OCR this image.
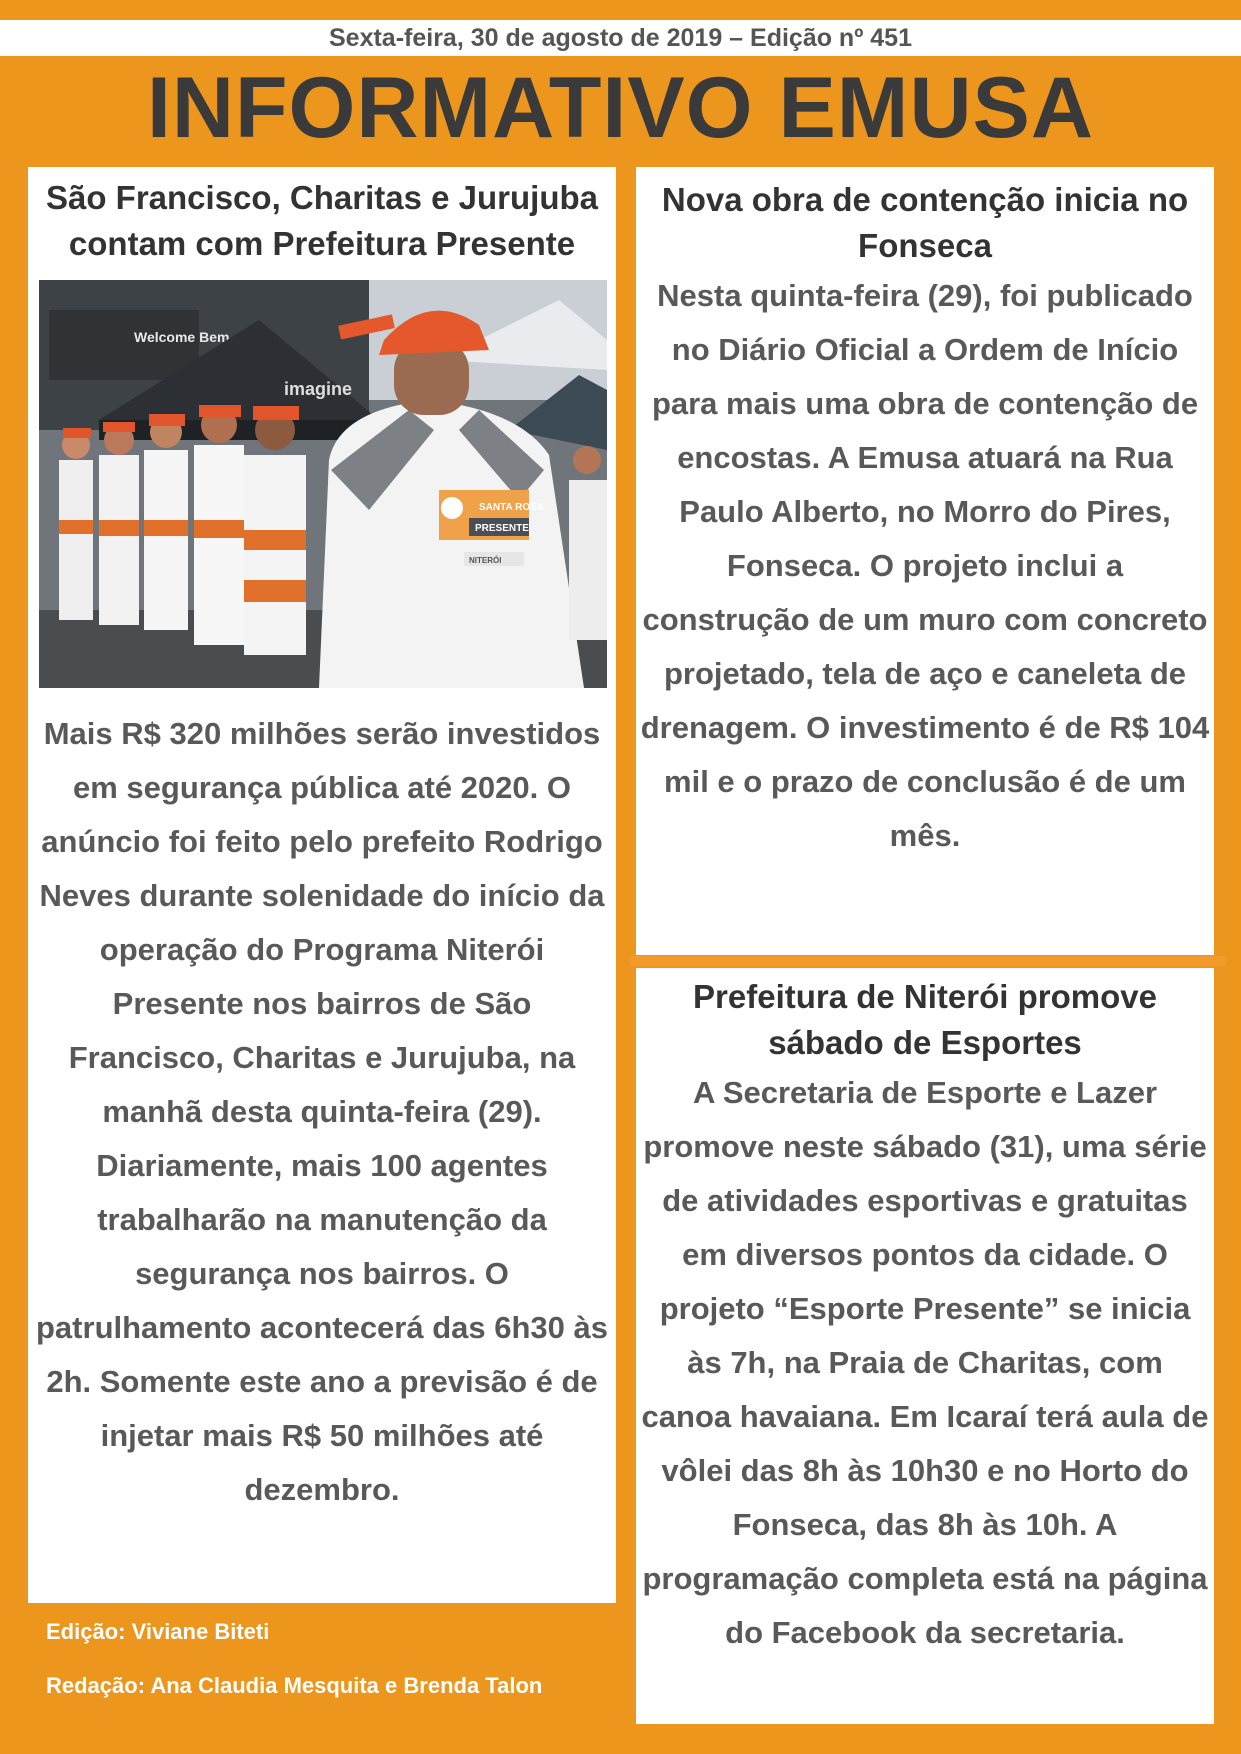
Sexta-feira, 30 de agosto de 2019 – Edição nº 451
INFORMATIVO EMUSA
São Francisco, Charitas e Jurujuba contam com Prefeitura Presente
Welcome Bem
imagine
SANTA ROSA
PRESENTE
NITERÓI

Mais R$ 320 milhões serão investidos em segurança pública até 2020. O anúncio foi feito pelo prefeito Rodrigo Neves durante solenidade do início da operação do Programa Niterói Presente nos bairros de São Francisco, Charitas e Jurujuba, na manhã desta quinta-feira (29). Diariamente, mais 100 agentes trabalharão na manutenção da segurança nos bairros. O patrulhamento acontecerá das 6h30 às 2h. Somente este ano a previsão é de injetar mais R$ 50 milhões até dezembro.

Nova obra de contenção inicia no Fonseca

Nesta quinta-feira (29), foi publicado no Diário Oficial a Ordem de Início para mais uma obra de contenção de encostas. A Emusa atuará na Rua Paulo Alberto, no Morro do Pires, Fonseca. O projeto inclui a construção de um muro com concreto projetado, tela de aço e caneleta de drenagem. O investimento é de R$ 104 mil e o prazo de conclusão é de um mês.

Prefeitura de Niterói promove sábado de Esportes

A Secretaria de Esporte e Lazer promove neste sábado (31), uma série de atividades esportivas e gratuitas em diversos pontos da cidade. O projeto “Esporte Presente” se inicia às 7h, na Praia de Charitas, com canoa havaiana. Em Icaraí terá aula de vôlei das 8h às 10h30 e no Horto do Fonseca, das 8h às 10h. A programação completa está na página do Facebook da secretaria.

Edição: Viviane Biteti

Redação: Ana Claudia Mesquita e Brenda Talon
